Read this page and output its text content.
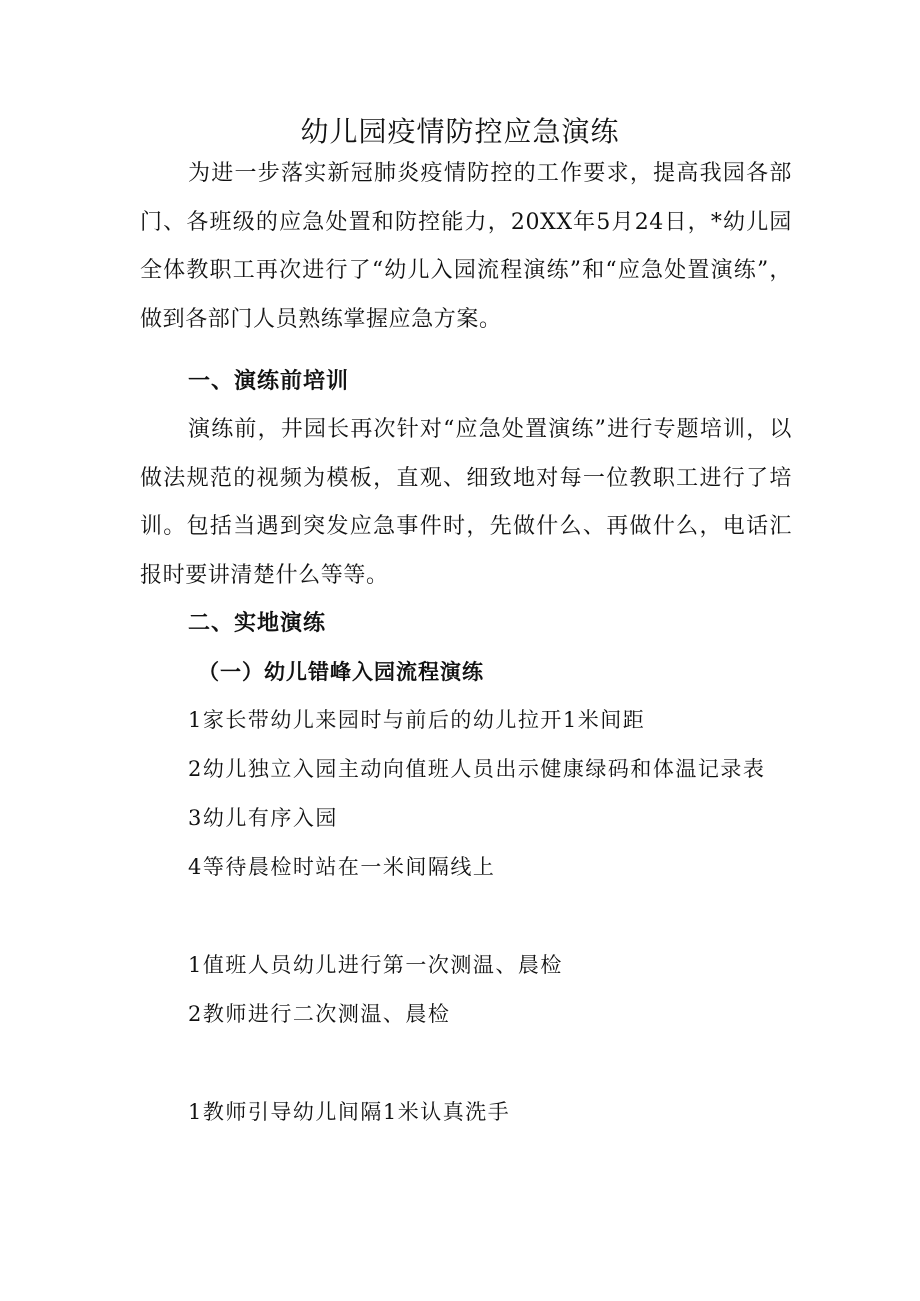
幼儿园疫情防控应急演练

为进一步落实新冠肺炎疫情防控的工作要求，提高我园各部门、各班级的应急处置和防控能力，20XX年5月24日，*幼儿园全体教职工再次进行了“幼儿入园流程演练”和“应急处置演练”，做到各部门人员熟练掌握应急方案。

一、演练前培训

演练前，井园长再次针对“应急处置演练”进行专题培训，以做法规范的视频为模板，直观、细致地对每一位教职工进行了培训。包括当遇到突发应急事件时，先做什么、再做什么，电话汇报时要讲清楚什么等等。

二、实地演练
（一）幼儿错峰入园流程演练
1家长带幼儿来园时与前后的幼儿拉开1米间距
2幼儿独立入园主动向值班人员出示健康绿码和体温记录表
3幼儿有序入园
4等待晨检时站在一米间隔线上
1值班人员幼儿进行第一次测温、晨检
2教师进行二次测温、晨检
1教师引导幼儿间隔1米认真洗手
